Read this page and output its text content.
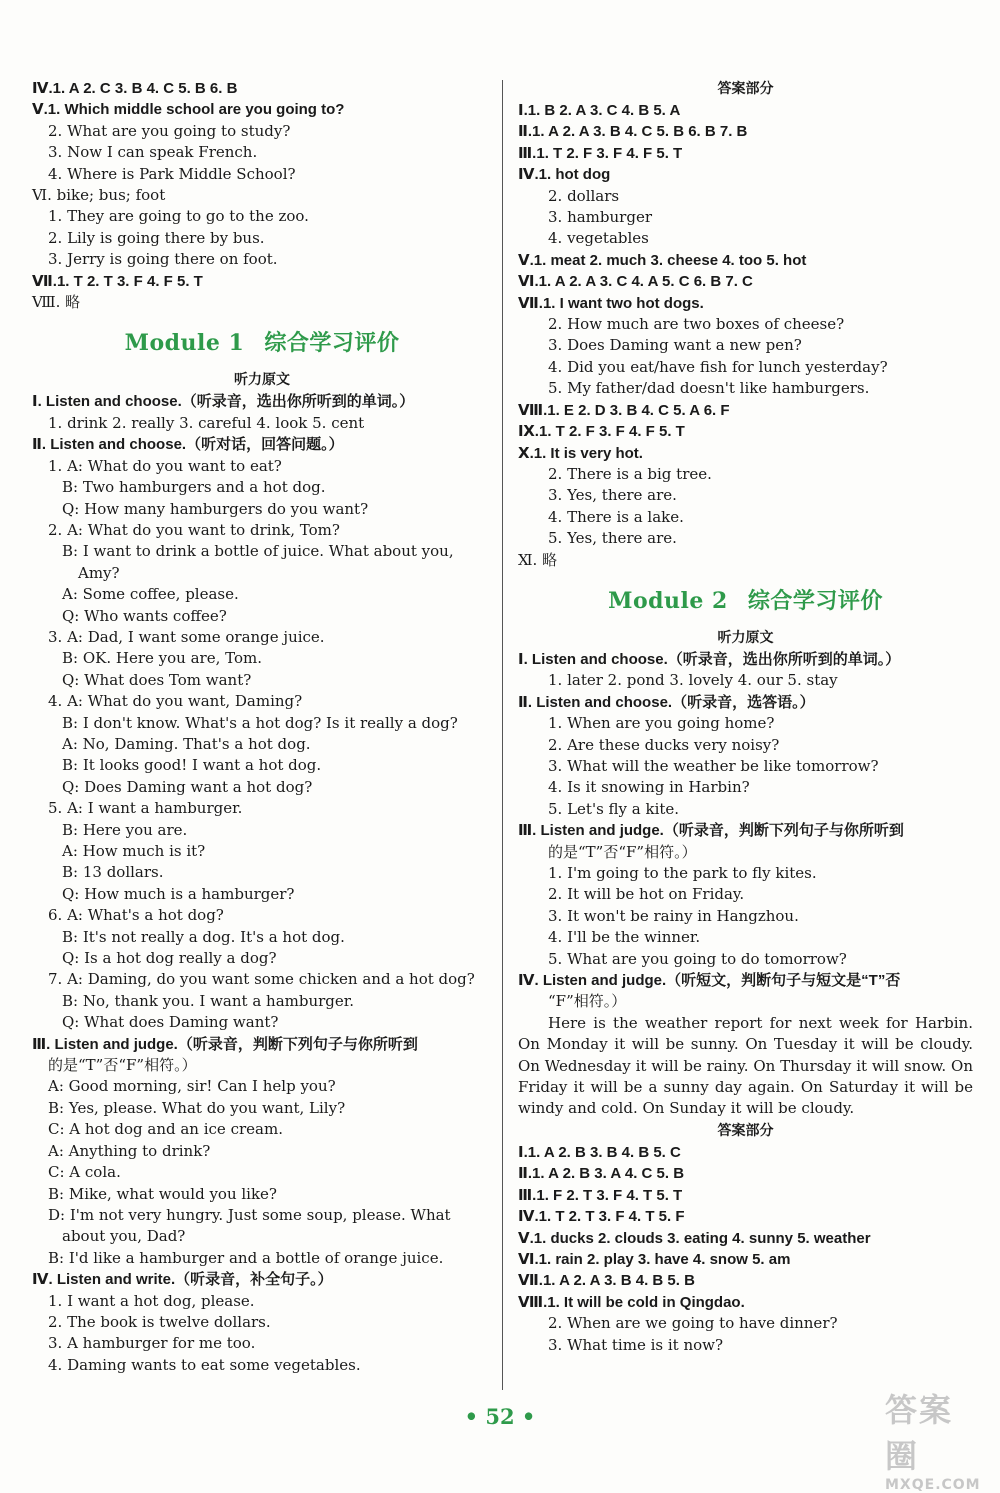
Ⅳ.1. A 2. C 3. B 4. C 5. B 6. B
Ⅴ.1. Which middle school are you going to?
2. What are you going to study?
3. Now I can speak French.
4. Where is Park Middle School?
Ⅵ. bike; bus; foot
1. They are going to go to the zoo.
2. Lily is going there by bus.
3. Jerry is going there on foot.
Ⅶ.1. T 2. T 3. F 4. F 5. T
Ⅷ. 略
Module 1 综合学习评价
听力原文
Ⅰ. Listen and choose.（听录音，选出你所听到的单词。）
1. drink 2. really 3. careful 4. look 5. cent
Ⅱ. Listen and choose.（听对话，回答问题。）
1. A: What do you want to eat?
B: Two hamburgers and a hot dog.
Q: How many hamburgers do you want?
2. A: What do you want to drink, Tom?
B: I want to drink a bottle of juice. What about you,
Amy?
A: Some coffee, please.
Q: Who wants coffee?
3. A: Dad, I want some orange juice.
B: OK. Here you are, Tom.
Q: What does Tom want?
4. A: What do you want, Daming?
B: I don't know. What's a hot dog? Is it really a dog?
A: No, Daming. That's a hot dog.
B: It looks good! I want a hot dog.
Q: Does Daming want a hot dog?
5. A: I want a hamburger.
B: Here you are.
A: How much is it?
B: 13 dollars.
Q: How much is a hamburger?
6. A: What's a hot dog?
B: It's not really a dog. It's a hot dog.
Q: Is a hot dog really a dog?
7. A: Daming, do you want some chicken and a hot dog?
B: No, thank you. I want a hamburger.
Q: What does Daming want?
Ⅲ. Listen and judge.（听录音，判断下列句子与你所听到
的是“T”否“F”相符。）
A: Good morning, sir! Can I help you?
B: Yes, please. What do you want, Lily?
C: A hot dog and an ice cream.
A: Anything to drink?
C: A cola.
B: Mike, what would you like?
D: I'm not very hungry. Just some soup, please. What
about you, Dad?
B: I'd like a hamburger and a bottle of orange juice.
Ⅳ. Listen and write.（听录音，补全句子。）
1. I want a hot dog, please.
2. The book is twelve dollars.
3. A hamburger for me too.
4. Daming wants to eat some vegetables.
答案部分
Ⅰ.1. B 2. A 3. C 4. B 5. A
Ⅱ.1. A 2. A 3. B 4. C 5. B 6. B 7. B
Ⅲ.1. T 2. F 3. F 4. F 5. T
Ⅳ.1. hot dog
2. dollars
3. hamburger
4. vegetables
Ⅴ.1. meat 2. much 3. cheese 4. too 5. hot
Ⅵ.1. A 2. A 3. C 4. A 5. C 6. B 7. C
Ⅶ.1. I want two hot dogs.
2. How much are two boxes of cheese?
3. Does Daming want a new pen?
4. Did you eat/have fish for lunch yesterday?
5. My father/dad doesn't like hamburgers.
Ⅷ.1. E 2. D 3. B 4. C 5. A 6. F
Ⅸ.1. T 2. F 3. F 4. F 5. T
Ⅹ.1. It is very hot.
2. There is a big tree.
3. Yes, there are.
4. There is a lake.
5. Yes, there are.
Ⅺ. 略
Module 2 综合学习评价
听力原文
Ⅰ. Listen and choose.（听录音，选出你所听到的单词。）
1. later 2. pond 3. lovely 4. our 5. stay
Ⅱ. Listen and choose.（听录音，选答语。）
1. When are you going home?
2. Are these ducks very noisy?
3. What will the weather be like tomorrow?
4. Is it snowing in Harbin?
5. Let's fly a kite.
Ⅲ. Listen and judge.（听录音，判断下列句子与你所听到
的是“T”否“F”相符。）
1. I'm going to the park to fly kites.
2. It will be hot on Friday.
3. It won't be rainy in Hangzhou.
4. I'll be the winner.
5. What are you going to do tomorrow?
Ⅳ. Listen and judge.（听短文，判断句子与短文是“T”否
“F”相符。）
Here is the weather report for next week for Harbin. On Monday it will be sunny. On Tuesday it will be cloudy. On Wednesday it will be rainy. On Thursday it will snow. On Friday it will be a sunny day again. On Saturday it will be windy and cold. On Sunday it will be cloudy.
答案部分
Ⅰ.1. A 2. B 3. B 4. B 5. C
Ⅱ.1. A 2. B 3. A 4. C 5. B
Ⅲ.1. F 2. T 3. F 4. T 5. T
Ⅳ.1. T 2. T 3. F 4. T 5. F
Ⅴ.1. ducks 2. clouds 3. eating 4. sunny 5. weather
Ⅵ.1. rain 2. play 3. have 4. snow 5. am
Ⅶ.1. A 2. A 3. B 4. B 5. B
Ⅷ.1. It will be cold in Qingdao.
2. When are we going to have dinner?
3. What time is it now?
• 52 •	答案圈
MXQE.COM
